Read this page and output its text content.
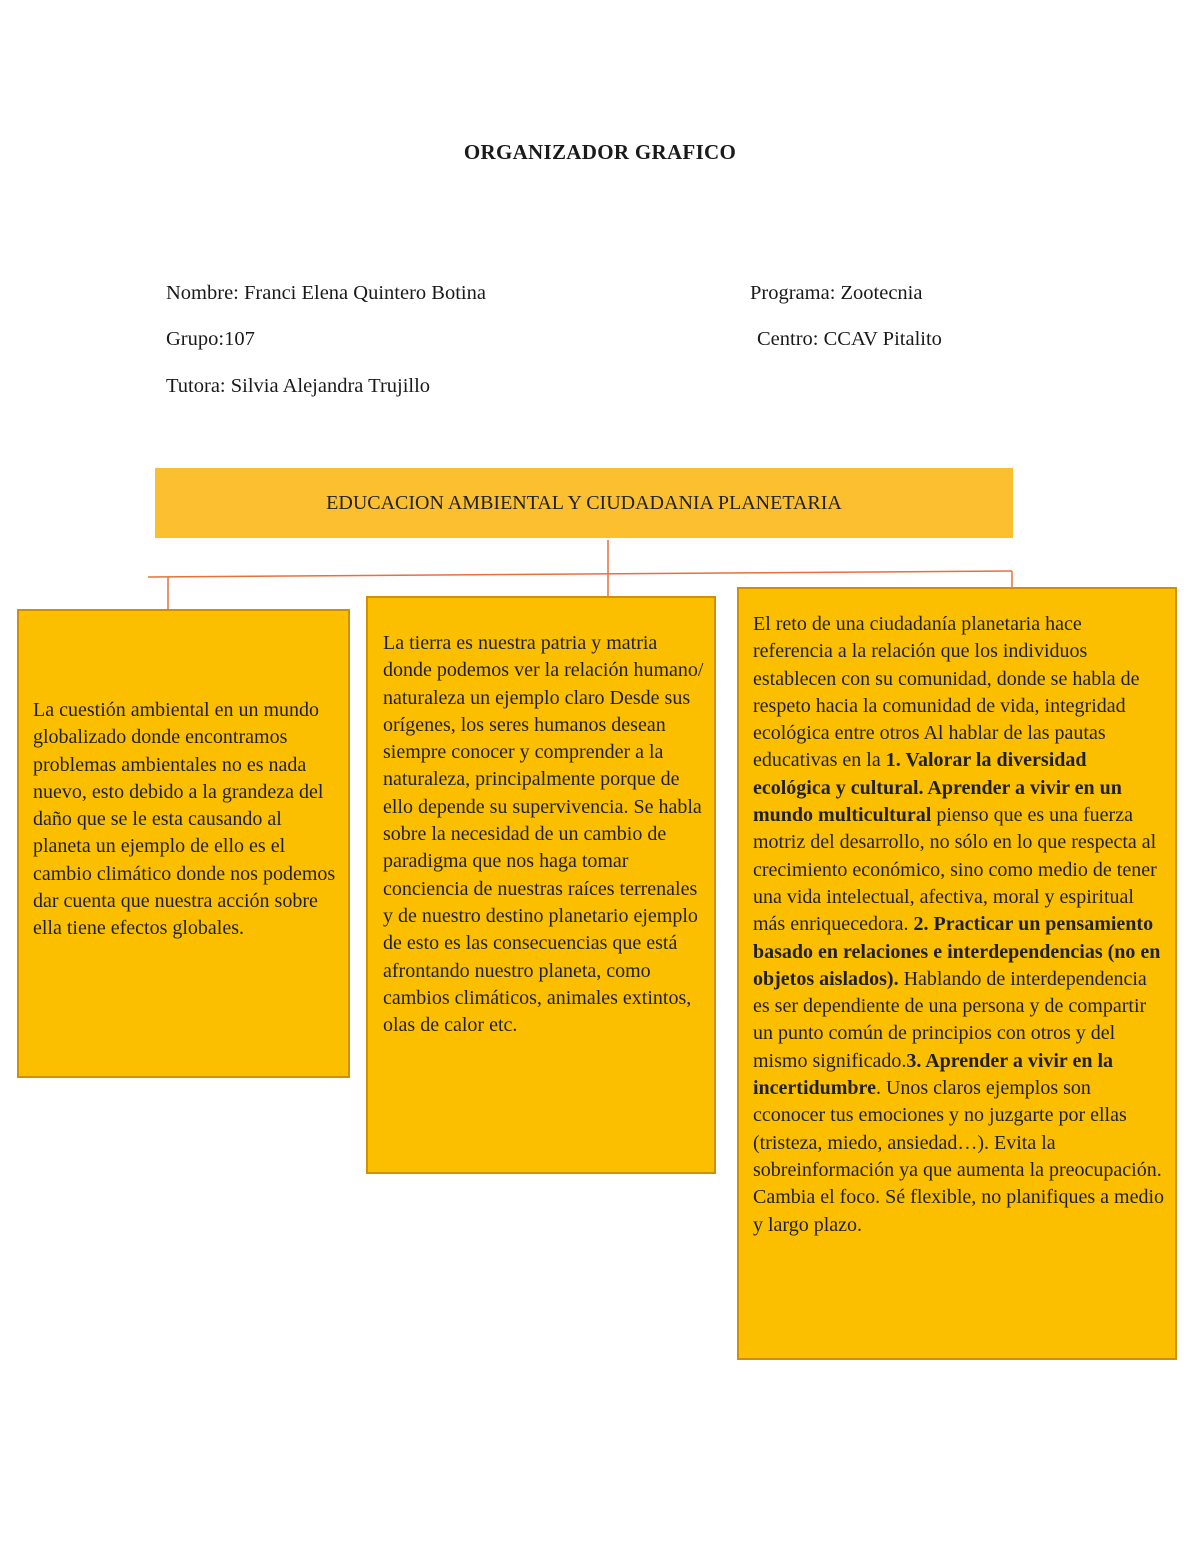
ORGANIZADOR GRAFICO
Nombre: Franci Elena Quintero Botina	Programa: Zootecnia
Grupo:107	Centro: CCAV Pitalito
Tutora: Silvia Alejandra Trujillo
EDUCACION AMBIENTAL Y CIUDADANIA PLANETARIA
La cuestión ambiental en un mundo globalizado donde encontramos problemas ambientales no es nada nuevo, esto debido a la grandeza del daño que se le esta causando al planeta un ejemplo de ello es el cambio climático donde nos podemos dar cuenta que nuestra acción sobre ella tiene efectos globales.
La tierra es nuestra patria y matria donde podemos ver la relación humano/ naturaleza un ejemplo claro Desde sus orígenes, los seres humanos desean siempre conocer y comprender a la naturaleza, principalmente porque de ello depende su supervivencia. Se habla sobre la necesidad de un cambio de paradigma que nos haga tomar conciencia de nuestras raíces terrenales y de nuestro destino planetario ejemplo de esto es las consecuencias que está afrontando nuestro planeta, como cambios climáticos, animales extintos, olas de calor etc.
El reto de una ciudadanía planetaria hace referencia a la relación que los individuos establecen con su comunidad, donde se habla de respeto hacia la comunidad de vida, integridad ecológica entre otros Al hablar de las pautas educativas en la 1. Valorar la diversidad ecológica y cultural. Aprender a vivir en un mundo multicultural pienso que es una fuerza motriz del desarrollo, no sólo en lo que respecta al crecimiento económico, sino como medio de tener una vida intelectual, afectiva, moral y espiritual más enriquecedora. 2. Practicar un pensamiento basado en relaciones e interdependencias (no en objetos aislados). Hablando de interdependencia es ser dependiente de una persona y de compartir un punto común de principios con otros y del mismo significado.3. Aprender a vivir en la incertidumbre. Unos claros ejemplos son cconocer tus emociones y no juzgarte por ellas (tristeza, miedo, ansiedad…). Evita la sobreinformación ya que aumenta la preocupación. Cambia el foco. Sé flexible, no planifiques a medio y largo plazo.
